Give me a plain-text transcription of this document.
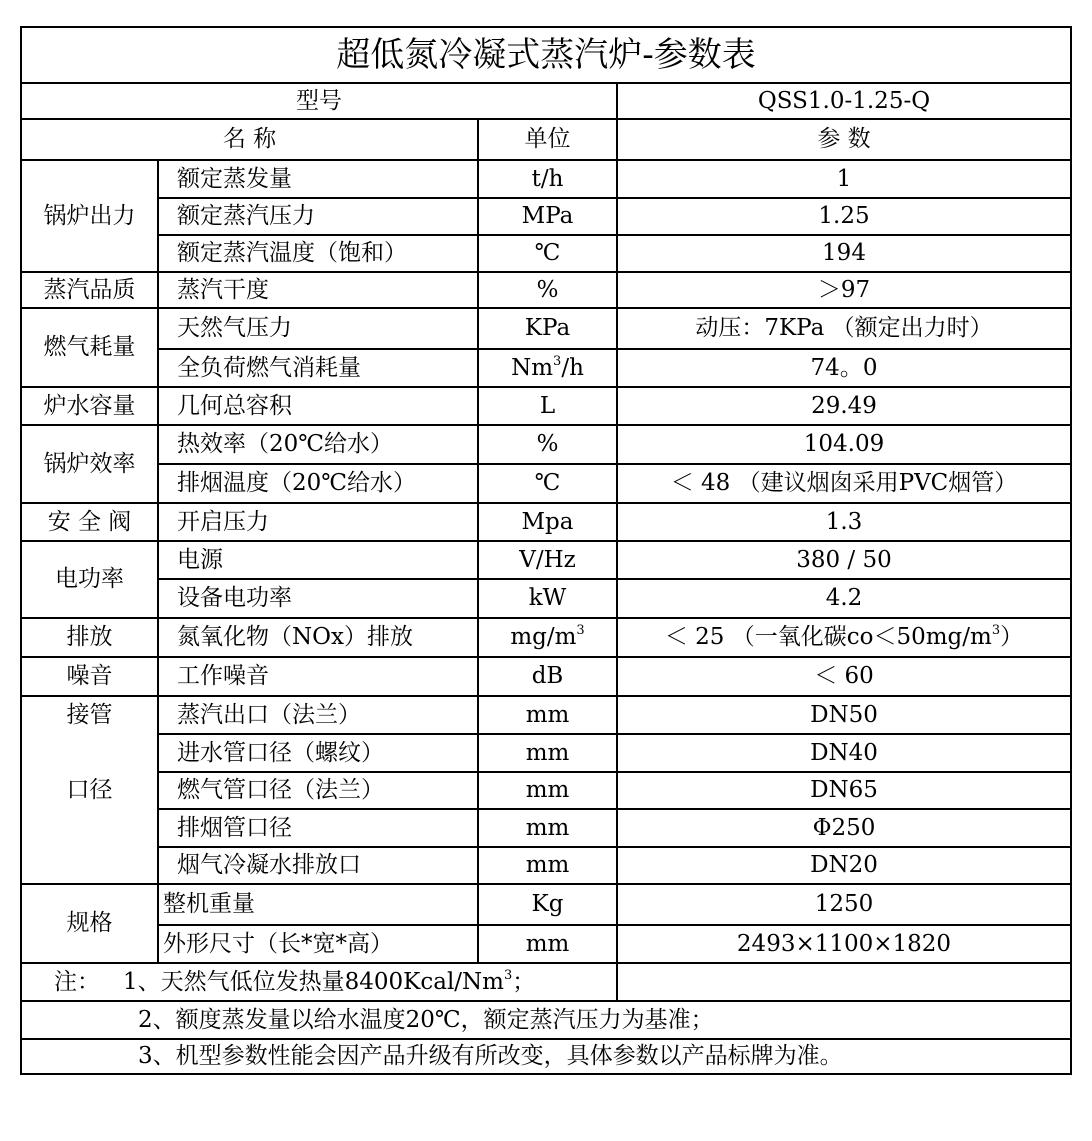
超低氮冷凝式蒸汽炉-参数表			
型号			QSS1.0-1.25-Q
名 称		单位	参 数
锅炉出力	额定蒸发量	t/h	1
	额定蒸汽压力	MPa	1.25
	额定蒸汽温度（饱和）	℃	194
蒸汽品质	蒸汽干度	%	＞97
燃气耗量	天然气压力	KPa	动压：7KPa （额定出力时）
	全负荷燃气消耗量	Nm$^3$/h	74。0
炉水容量	几何总容积	L	29.49
锅炉效率	热效率（20℃给水）	%	104.09
	排烟温度（20℃给水）	℃	＜ 48 （建议烟囱采用PVC烟管）
安 全 阀	开启压力	Mpa	1.3
电功率	电源	V/Hz	380 / 50
	设备电功率	kW	4.2
排放	氮氧化物（NOx）排放	$mg/m^3$	＜ 25 （一氧化碳$co<50mg/m^3$）
噪音	工作噪音	dB	＜ 60
接管	蒸汽出口（法兰）	mm	DN50
	进水管口径（螺纹）	mm	DN40
口径	燃气管口径（法兰）	mm	DN65
	排烟管口径	mm	Φ250
	烟气冷凝水排放口	mm	DN20
规格	整机重量	Kg	1250
	外形尺寸（长*宽*高）	mm	2493×1100×1820
注： 1、天然气低位发热量8400Kcal/Nm$^3$；			
2、额度蒸发量以给水温度20℃，额定蒸汽压力为基准；			
3、机型参数性能会因产品升级有所改变，具体参数以产品标牌为准。			
